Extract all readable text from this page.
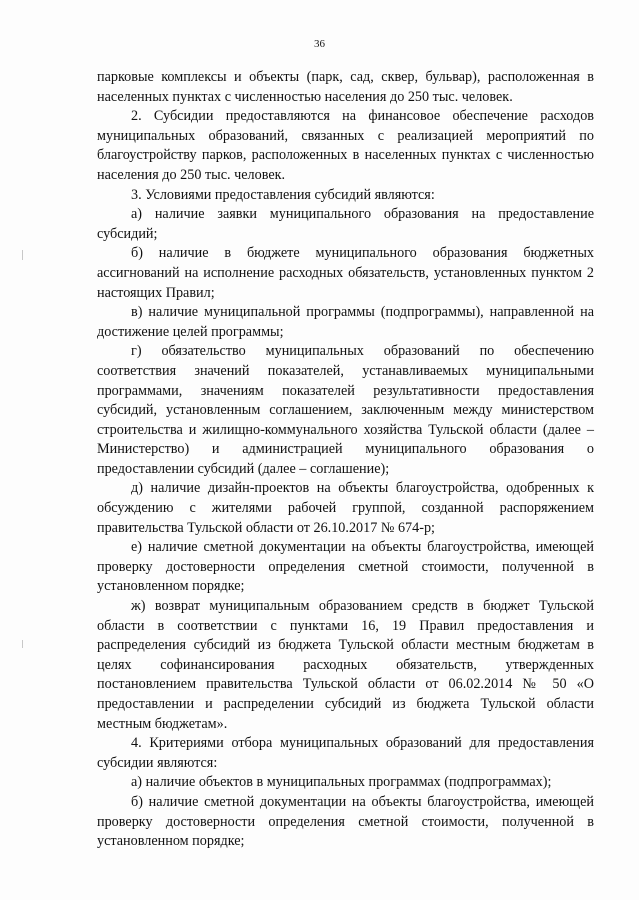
36

парковые комплексы и объекты (парк, сад, сквер, бульвар), расположенная в населенных пунктах с численностью населения до 250 тыс. человек.

2. Субсидии предоставляются на финансовое обеспечение расходов муниципальных образований, связанных с реализацией мероприятий по благоустройству парков, расположенных в населенных пунктах с численностью населения до 250 тыс. человек.

3. Условиями предоставления субсидий являются:

а) наличие заявки муниципального образования на предоставление субсидий;

б) наличие в бюджете муниципального образования бюджетных ассигнований на исполнение расходных обязательств, установленных пунктом 2 настоящих Правил;

в) наличие муниципальной программы (подпрограммы), направленной на достижение целей программы;

г) обязательство муниципальных образований по обеспечению соответствия значений показателей, устанавливаемых муниципальными программами, значениям показателей результативности предоставления субсидий, установленным соглашением, заключенным между министерством строительства и жилищно-коммунального хозяйства Тульской области (далее – Министерство) и администрацией муниципального образования о предоставлении субсидий (далее – соглашение);

д) наличие дизайн-проектов на объекты благоустройства, одобренных к обсуждению с жителями рабочей группой, созданной распоряжением правительства Тульской области от 26.10.2017 № 674-р;

е) наличие сметной документации на объекты благоустройства, имеющей проверку достоверности определения сметной стоимости, полученной в установленном порядке;

ж) возврат муниципальным образованием средств в бюджет Тульской области в соответствии с пунктами 16, 19 Правил предоставления и распределения субсидий из бюджета Тульской области местным бюджетам в целях софинансирования расходных обязательств, утвержденных постановлением правительства Тульской области от 06.02.2014 № 50 «О предоставлении и распределении субсидий из бюджета Тульской области местным бюджетам».

4. Критериями отбора муниципальных образований для предоставления субсидии являются:

а) наличие объектов в муниципальных программах (подпрограммах);

б) наличие сметной документации на объекты благоустройства, имеющей проверку достоверности определения сметной стоимости, полученной в установленном порядке;
